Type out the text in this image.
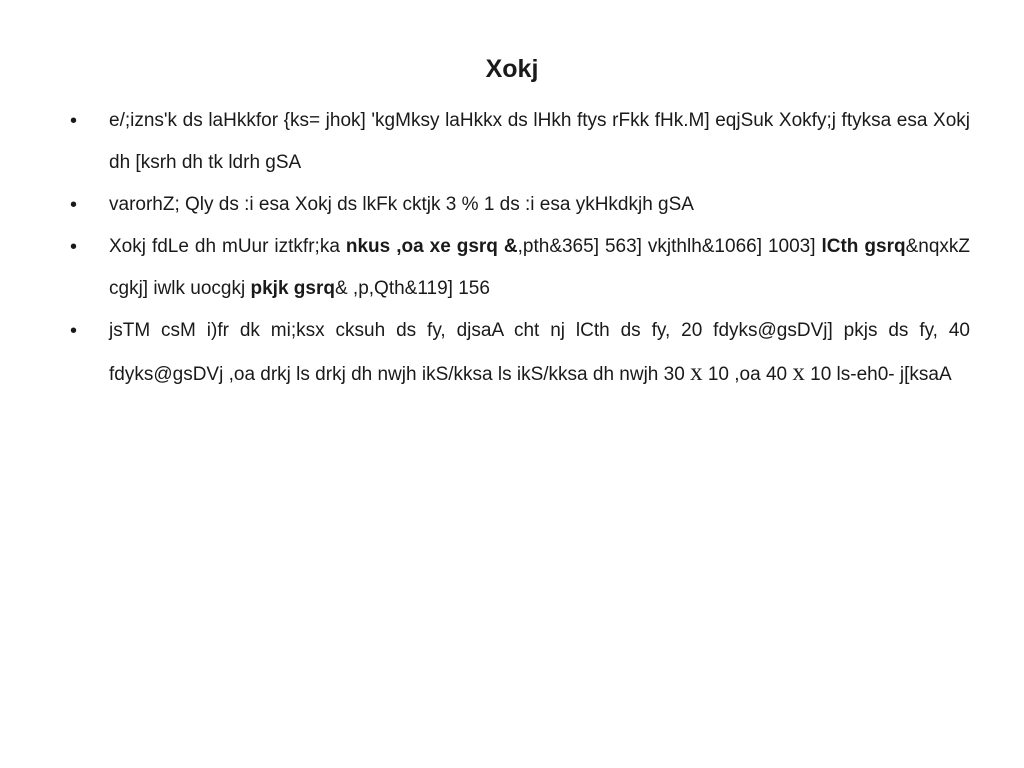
Xokj
• e/;izns'k ds laHkkfor {ks= jhok] 'kgMksy laHkkx ds lHkh ftys rFkk fHk.M] eqjSuk Xokfy;j ftyksa esa Xokj dh [ksrh dh tk ldrh gSA
• varorhZ; Qly ds :i esa Xokj ds lkFk cktjk 3 % 1 ds :i esa ykHkdkjh gSA
• Xokj fdLe dh mUur iztkfr;ka nkus ,oa xe gsrq &,pth&365] 563] vkjthlh&1066] 1003] lCth gsrq&nqxkZ cgkj] iwlk uocgkj pkjk gsrq& ,p,Qth&119] 156
• jsTM csM i)fr dk mi;ksx cksuh ds fy, djsaA cht nj lCth ds fy, 20 fdyks@gsDVj] pkjs ds fy, 40 fdyks@gsDVj ,oa drkj ls drkj dh nwjh ikS/kksa ls ikS/kksa dh nwjh 30 x 10 ,oa 40 x 10 ls-eh0- j[ksaA
